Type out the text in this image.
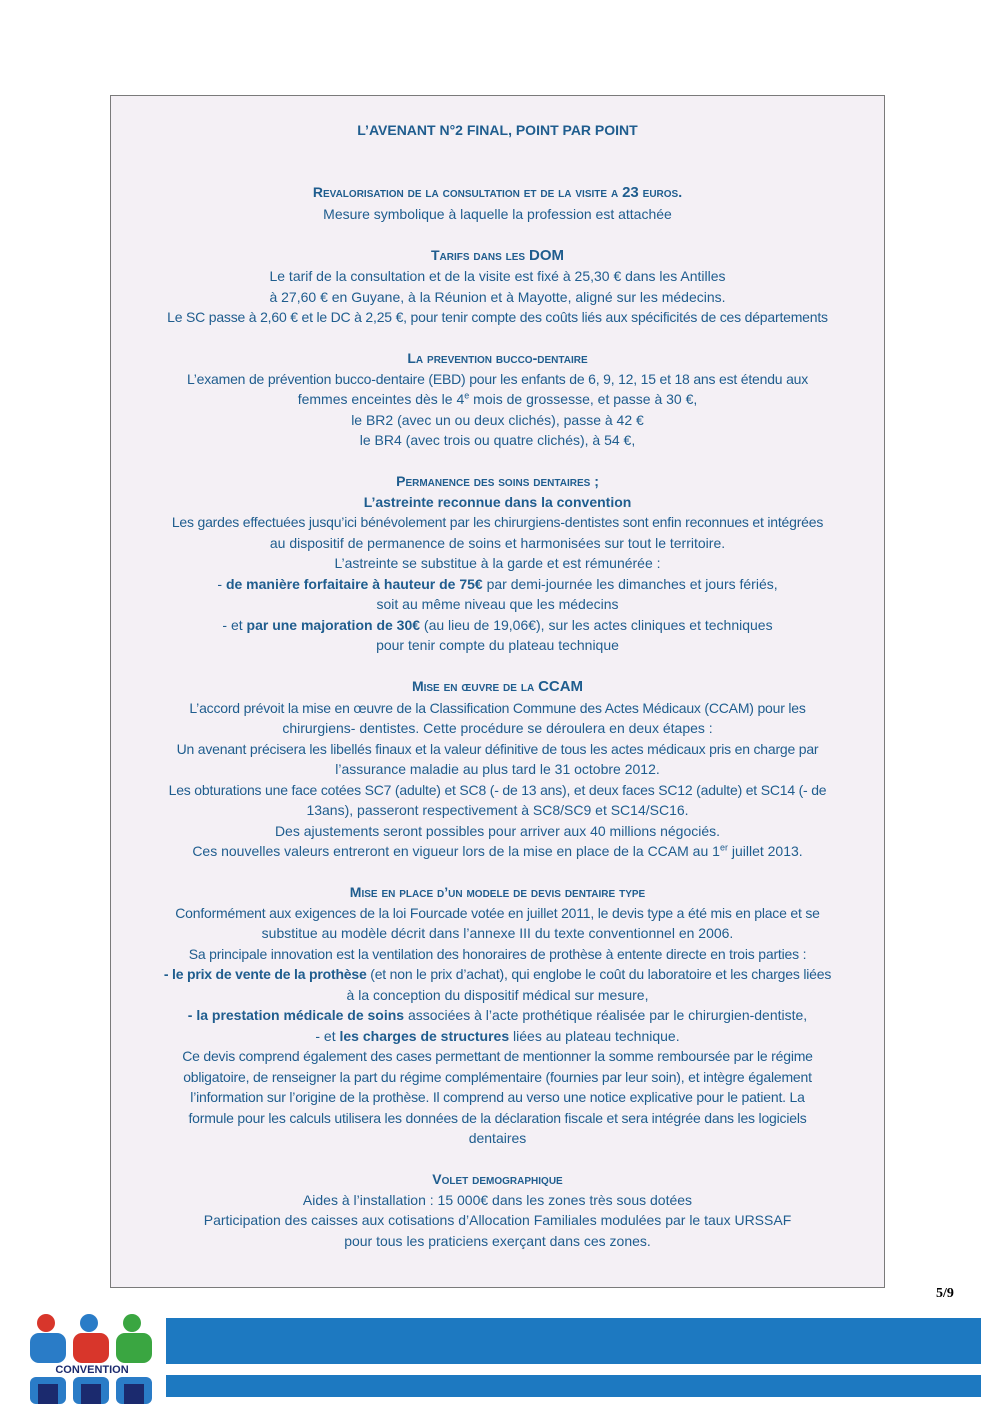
L’AVENANT N°2 FINAL, POINT PAR POINT
Revalorisation de la consultation et de la visite a 23 euros.
Mesure symbolique à laquelle la profession est attachée
Tarifs dans les DOM
Le tarif de la consultation et de la visite est fixé à 25,30 € dans les Antilles
à 27,60 € en Guyane, à la Réunion et à Mayotte, aligné sur les médecins.
Le SC passe à 2,60 € et le DC à 2,25 €, pour tenir compte des coûts liés aux spécificités de ces départements
La prevention bucco-dentaire
L’examen de prévention bucco-dentaire (EBD) pour les enfants de 6, 9, 12, 15 et 18 ans est étendu aux
femmes enceintes dès le 4e mois de grossesse, et passe à 30 €,
le BR2 (avec un ou deux clichés), passe à 42 €
le BR4 (avec trois ou quatre clichés), à 54 €,
Permanence des soins dentaires ;
L’astreinte reconnue dans la convention
Les gardes effectuées jusqu’ici bénévolement par les chirurgiens-dentistes sont enfin reconnues et intégrées
au dispositif de permanence de soins et harmonisées sur tout le territoire.
L’astreinte se substitue à la garde et est rémunérée :
- de manière forfaitaire à hauteur de 75€ par demi-journée les dimanches et jours fériés,
soit au même niveau que les médecins
- et par une majoration de 30€ (au lieu de 19,06€), sur les actes cliniques et techniques
pour tenir compte du plateau technique
Mise en œuvre de la CCAM
L’accord prévoit la mise en œuvre de la Classification Commune des Actes Médicaux (CCAM) pour les
chirurgiens- dentistes. Cette procédure se déroulera en deux étapes :
Un avenant précisera les libellés finaux et la valeur définitive de tous les actes médicaux pris en charge par
l’assurance maladie au plus tard le 31 octobre 2012.
Les obturations une face cotées SC7 (adulte) et SC8 (- de 13 ans), et deux faces SC12 (adulte) et SC14 (- de
13ans), passeront respectivement à SC8/SC9 et SC14/SC16.
Des ajustements seront possibles pour arriver aux 40 millions négociés.
Ces nouvelles valeurs entreront en vigueur lors de la mise en place de la CCAM au 1er juillet 2013.
Mise en place d’un modele de devis dentaire type
Conformément aux exigences de la loi Fourcade votée en juillet 2011, le devis type a été mis en place et se
substitue au modèle décrit dans l’annexe III du texte conventionnel en 2006.
Sa principale innovation est la ventilation des honoraires de prothèse à entente directe en trois parties :
- le prix de vente de la prothèse (et non le prix d’achat), qui englobe le coût du laboratoire et les charges liées
à la conception du dispositif médical sur mesure,
- la prestation médicale de soins associées à l’acte prothétique réalisée par le chirurgien-dentiste,
- et les charges de structures liées au plateau technique.
Ce devis comprend également des cases permettant de mentionner la somme remboursée par le régime
obligatoire, de renseigner la part du régime complémentaire (fournies par leur soin), et intègre également
l’information sur l’origine de la prothèse. Il comprend au verso une notice explicative pour le patient. La
formule pour les calculs utilisera les données de la déclaration fiscale et sera intégrée dans les logiciels
dentaires
Volet demographique
Aides à l’installation : 15 000€ dans les zones très sous dotées
Participation des caisses aux cotisations d’Allocation Familiales modulées par le taux URSSAF
pour tous les praticiens exerçant dans ces zones.
5/9
CONVENTION
